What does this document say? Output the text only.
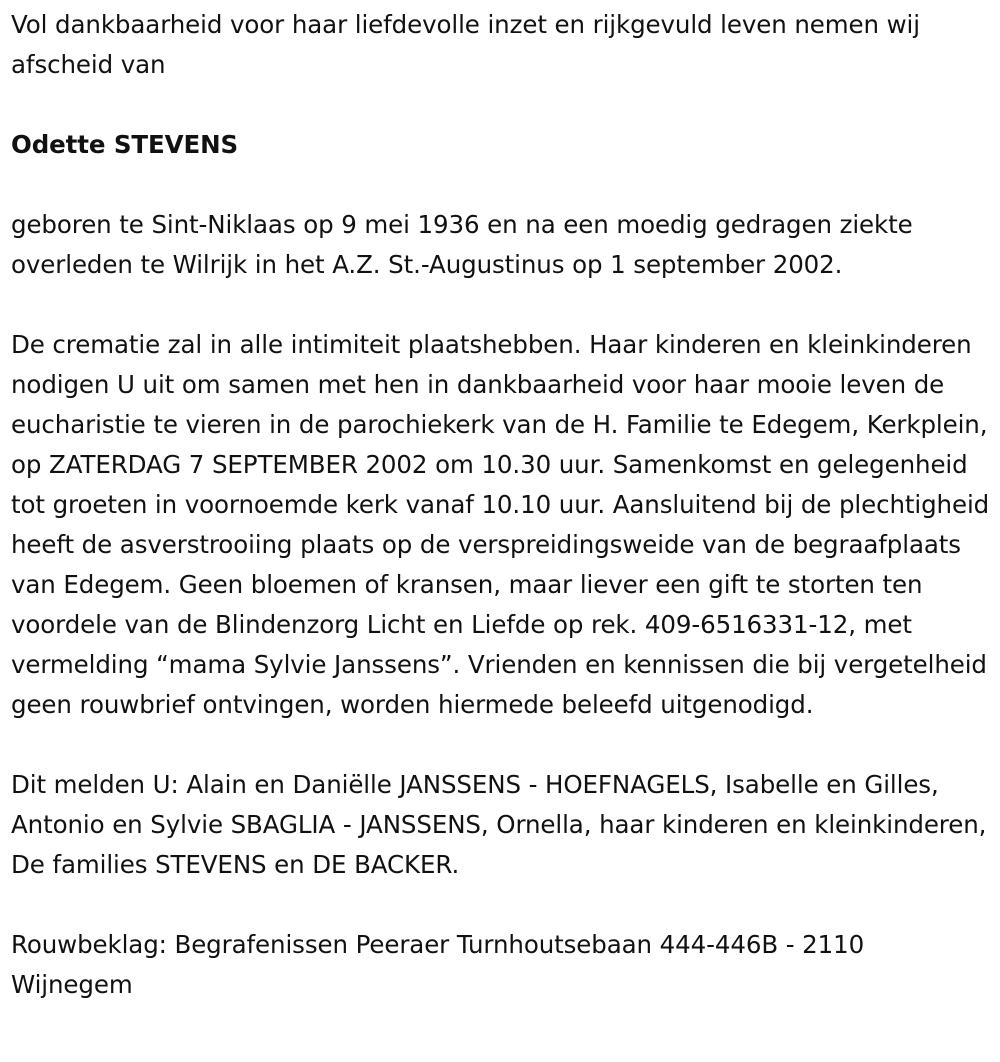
Vol dankbaarheid voor haar liefdevolle inzet en rijkgevuld leven nemen wij afscheid van

Odette STEVENS

geboren te Sint-Niklaas op 9 mei 1936 en na een moedig gedragen ziekte overleden te Wilrijk in het A.Z. St.-Augustinus op 1 september 2002.

De crematie zal in alle intimiteit plaatshebben. Haar kinderen en kleinkinderen nodigen U uit om samen met hen in dankbaarheid voor haar mooie leven de eucharistie te vieren in de parochiekerk van de H. Familie te Edegem, Kerkplein, op ZATERDAG 7 SEPTEMBER 2002 om 10.30 uur. Samenkomst en gelegenheid tot groeten in voornoemde kerk vanaf 10.10 uur. Aansluitend bij de plechtigheid heeft de asverstrooiing plaats op de verspreidingsweide van de begraafplaats van Edegem. Geen bloemen of kransen, maar liever een gift te storten ten voordele van de Blindenzorg Licht en Liefde op rek. 409-6516331-12, met vermelding “mama Sylvie Janssens”. Vrienden en kennissen die bij vergetelheid geen rouwbrief ontvingen, worden hiermede beleefd uitgenodigd.

Dit melden U: Alain en Daniëlle JANSSENS - HOEFNAGELS, Isabelle en Gilles, Antonio en Sylvie SBAGLIA - JANSSENS, Ornella, haar kinderen en kleinkinderen, De families STEVENS en DE BACKER.

Rouwbeklag: Begrafenissen Peeraer Turnhoutsebaan 444-446B - 2110 Wijnegem
